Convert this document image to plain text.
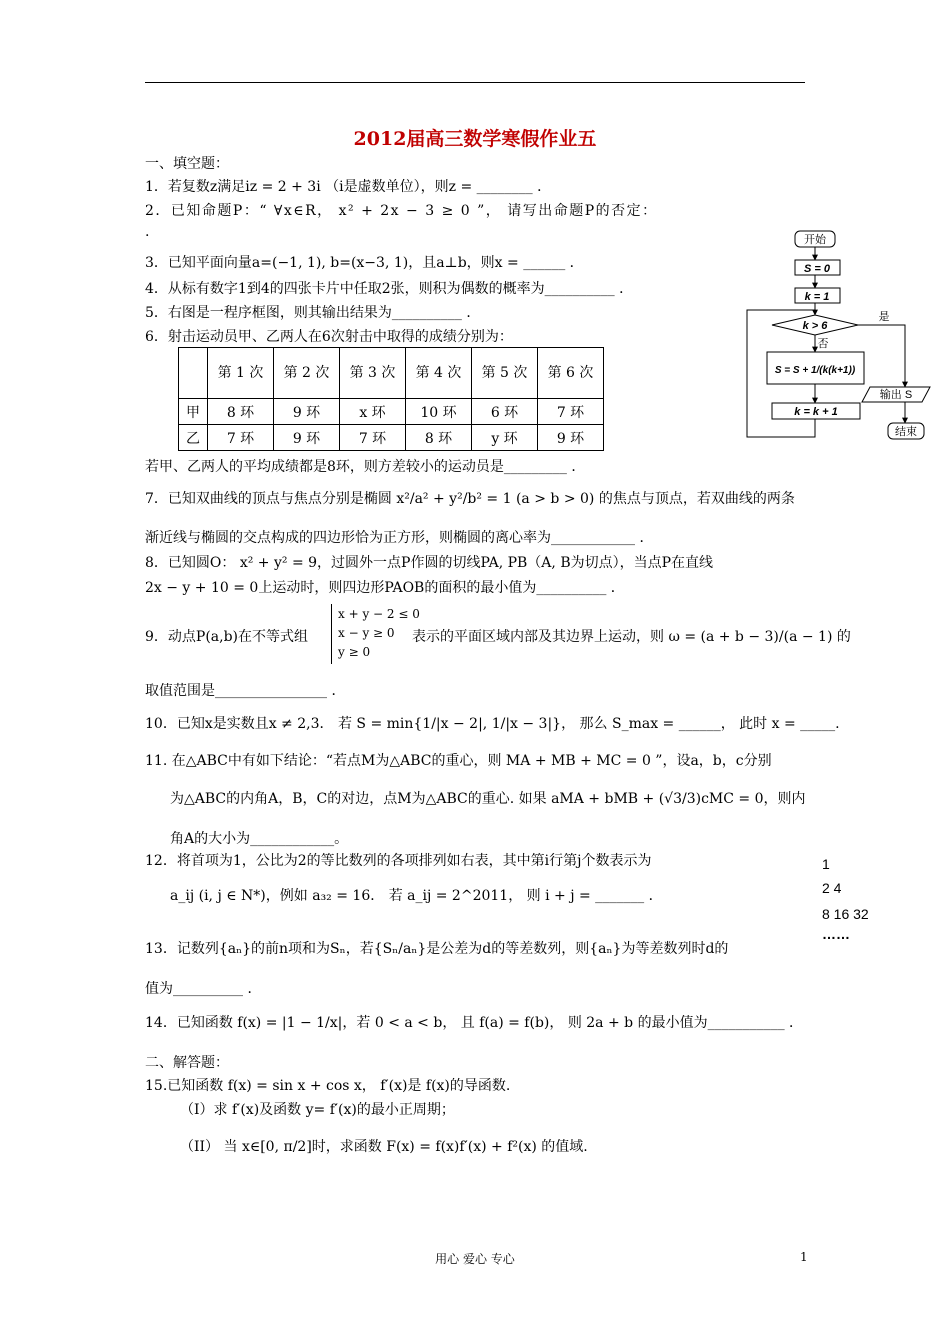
2012届高三数学寒假作业五
一、填空题：
1．若复数z满足iz = 2 + 3i （i是虚数单位），则z = ________ ．
2．已知命题P：“ ∀x∈R， x² + 2x − 3 ≥ 0 ”， 请写出命题P的否定：
.
3．已知平面向量a=(−1, 1), b=(x−3, 1)，且a⊥b，则x = ______ ．
4．从标有数字1到4的四张卡片中任取2张，则积为偶数的概率为__________ ．
5．右图是一程序框图，则其输出结果为__________ ．
6．射击运动员甲、乙两人在6次射击中取得的成绩分别为：
	第 1 次	第 2 次	第 3 次	第 4 次	第 5 次	第 6 次
甲	8 环	9 环	x 环	10 环	6 环	7 环
乙	7 环	9 环	7 环	8 环	y 环	9 环
若甲、乙两人的平均成绩都是8环，则方差较小的运动员是_________ ．
7．已知双曲线的顶点与焦点分别是椭圆 x²/a² + y²/b² = 1 (a > b > 0) 的焦点与顶点，若双曲线的两条
渐近线与椭圆的交点构成的四边形恰为正方形，则椭圆的离心率为____________ ．
8．已知圆O： x² + y² = 9，过圆外一点P作圆的切线PA, PB（A, B为切点），当点P在直线
2x − y + 10 = 0上运动时，则四边形PAOB的面积的最小值为__________ ．
9．动点P(a,b)在不等式组
x + y − 2 ≤ 0
x − y ≥ 0
y ≥ 0
表示的平面区域内部及其边界上运动，则 ω = (a + b − 3)/(a − 1) 的
取值范围是________________ ．
10．已知x是实数且x ≠ 2,3． 若 S = min{1/|x − 2|, 1/|x − 3|}， 那么 S_max = ______， 此时 x = _____.
11. 在△ABC中有如下结论：“若点M为△ABC的重心，则 MA + MB + MC = 0 ”，设a，b，c分别
为△ABC的内角A，B，C的对边，点M为△ABC的重心. 如果 aMA + bMB + (√3/3)cMC = 0，则内
角A的大小为____________。
12．将首项为1，公比为2的等比数列的各项排列如右表，其中第i行第j个数表示为
a_ij (i, j ∈ N*)，例如 a₃₂ = 16． 若 a_ij = 2^2011， 则 i + j = _______ ．
1
2 4
8 16 32
……
13．记数列{aₙ}的前n项和为Sₙ，若{Sₙ/aₙ}是公差为d的等差数列，则{aₙ}为等差数列时d的
值为__________ ．
14．已知函数 f(x) = |1 − 1/x|，若 0 < a < b， 且 f(a) = f(b)， 则 2a + b 的最小值为___________ ．
二、解答题：
15.已知函数 f(x) = sin x + cos x， f′(x)是 f(x)的导函数.
（I）求 f′(x)及函数 y= f′(x)的最小正周期；
（II） 当 x∈[0, π/2]时，求函数 F(x) = f(x)f′(x) + f²(x) 的值域.
开始
S = 0
k = 1
k > 6
是
否
S = S + 1/(k(k+1))
k = k + 1
输出 S
结束
用心 爱心 专心	1
